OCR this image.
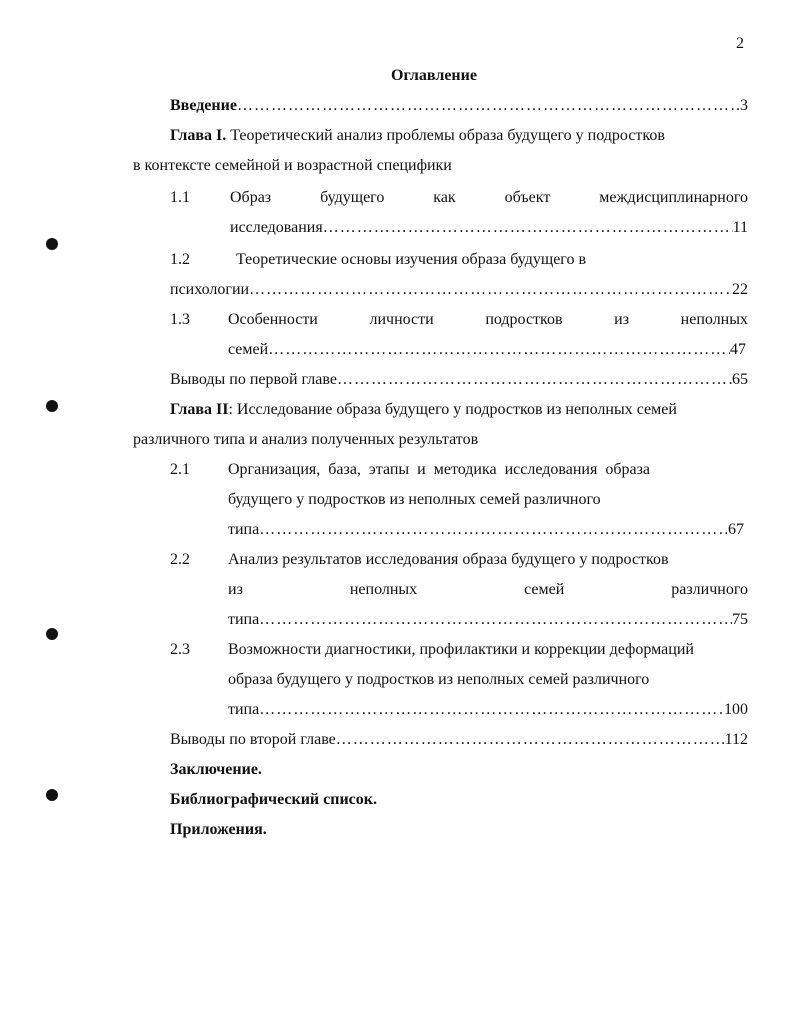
2
Оглавление
Введение ………………………………………………………………………………………………………………………………………………………………	3
Глава I. Теоретический анализ проблемы образа будущего у подростков
в контексте семейной и возрастной специфики
1.1	Образ	будущего	как	объект	междисциплинарного
исследования ………………………………………………………………………………………………………………………………………………………………	11
1.2	Теоретические основы изучения образа будущего в
психологии ………………………………………………………………………………………………………………………………………………………………	22
1.3 Особенности	личности	подростков	из	неполных
семей ………………………………………………………………………………………………………………………………………………………………	47
Выводы по первой главе ………………………………………………………………………………………………………………………………………………………………	65
Глава II: Исследование образа будущего у подростков из неполных семей
различного типа и анализ полученных результатов
2.1 Организация, база, этапы и методика исследования образа
будущего у подростков из неполных семей различного
типа ………………………………………………………………………………………………………………………………………………………………	67
2.2 Анализ результатов исследования образа будущего у подростков
из	неполных	семей	различного
типа ………………………………………………………………………………………………………………………………………………………………	75
2.3 Возможности диагностики, профилактики и коррекции деформаций
образа будущего у подростков из неполных семей различного
типа ………………………………………………………………………………………………………………………………………………………………	100
Выводы по второй главе ………………………………………………………………………………………………………………………………………………………………	112
Заключение.
Библиографический список.
Приложения.
